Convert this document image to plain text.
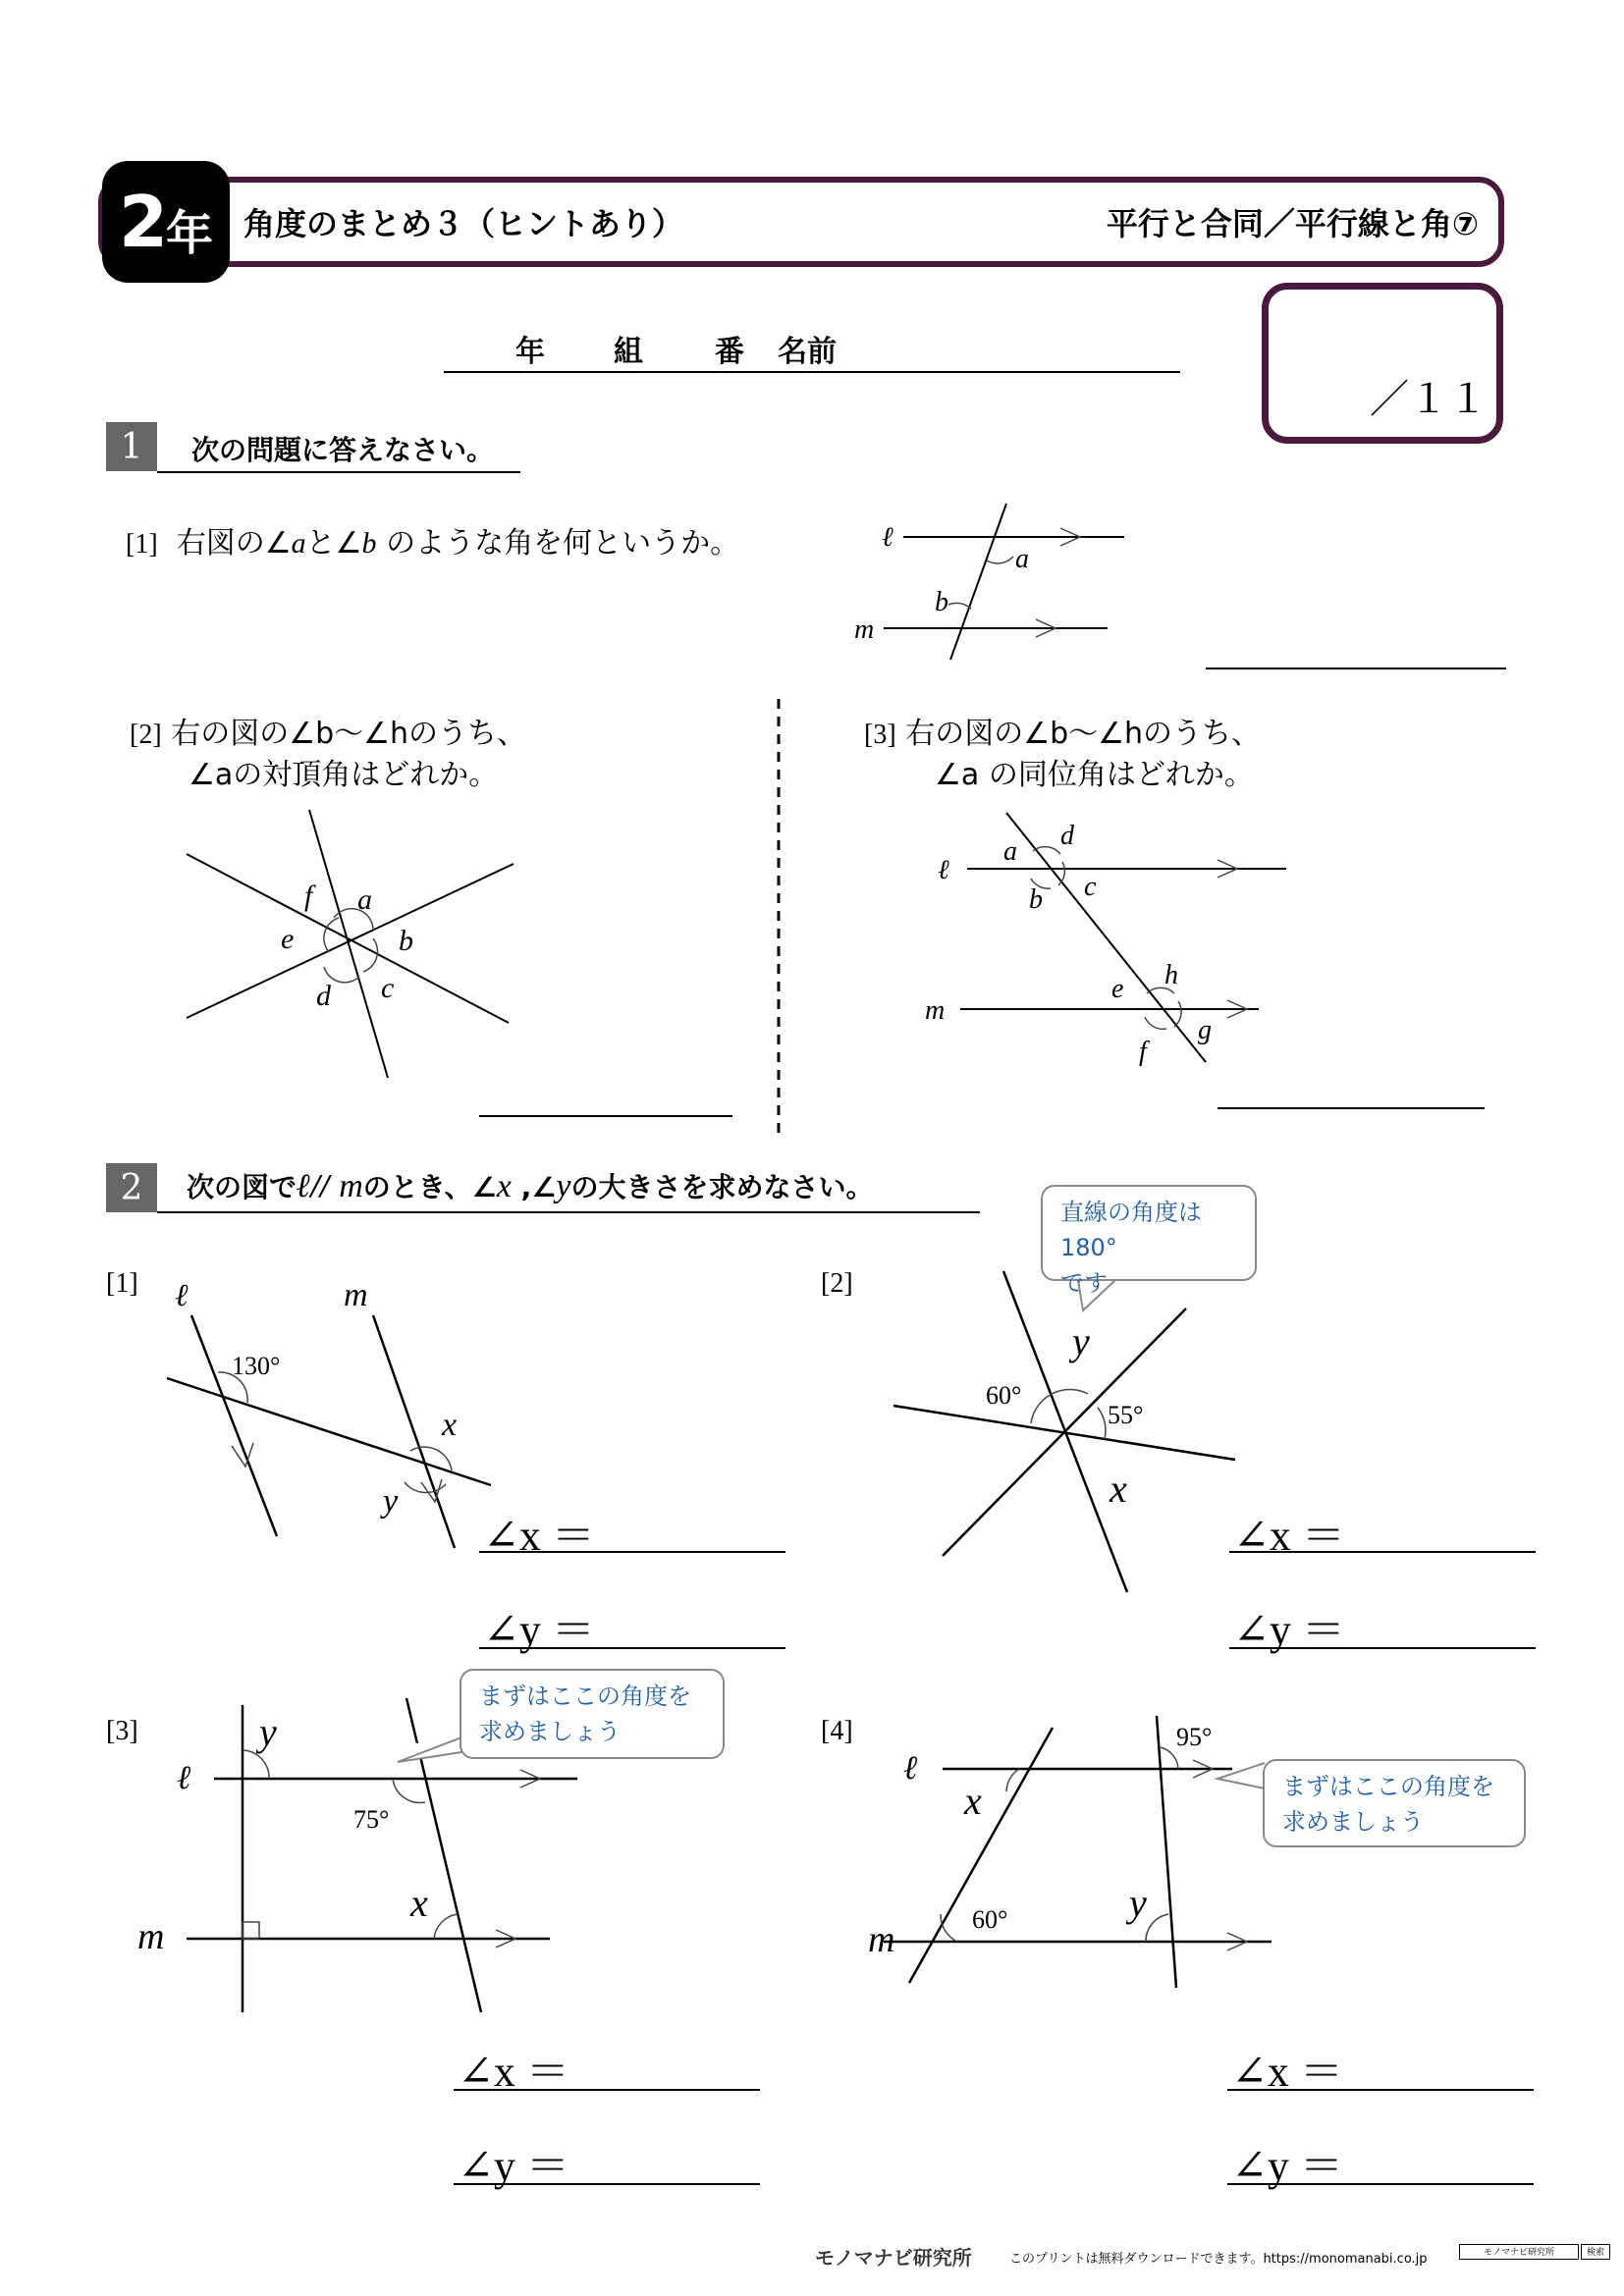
2 年 角度のまとめ３（ヒントあり）	平行と合同／平行線と角⑦
／１１
年 組 番 名前
1	次の問題に答えなさい。
[1] 右図の∠aと∠b のような角を何というか。
[2] 右の図の∠b〜∠hのうち、
∠aの対頂角はどれか。
[3] 右の図の∠b〜∠hのうち、
∠a の同位角はどれか。
2	次の図でℓ// mのとき、∠x ,∠yの大きさを求めなさい。
[1]	[2]
[3]	[4]
ℓ
m
a
b
f a
e	b
d c
ℓ
m
a
d
b c
e h
f
g
ℓ	m
130°
x
y
60°
55°
y
x
ℓ
m
y
75°
x
ℓ
m
x
y
95°
60°
直線の角度は180°
です
まずはここの角度を
求めましょう
まずはここの角度を
求めましょう
∠x ＝
∠y ＝
∠x ＝
∠y ＝
∠x ＝
∠y ＝
∠x ＝
∠y ＝
モノマナビ研究所	このプリントは無料ダウンロードできます。https://monomanabi.co.jp	モノマナビ研究所	検索
